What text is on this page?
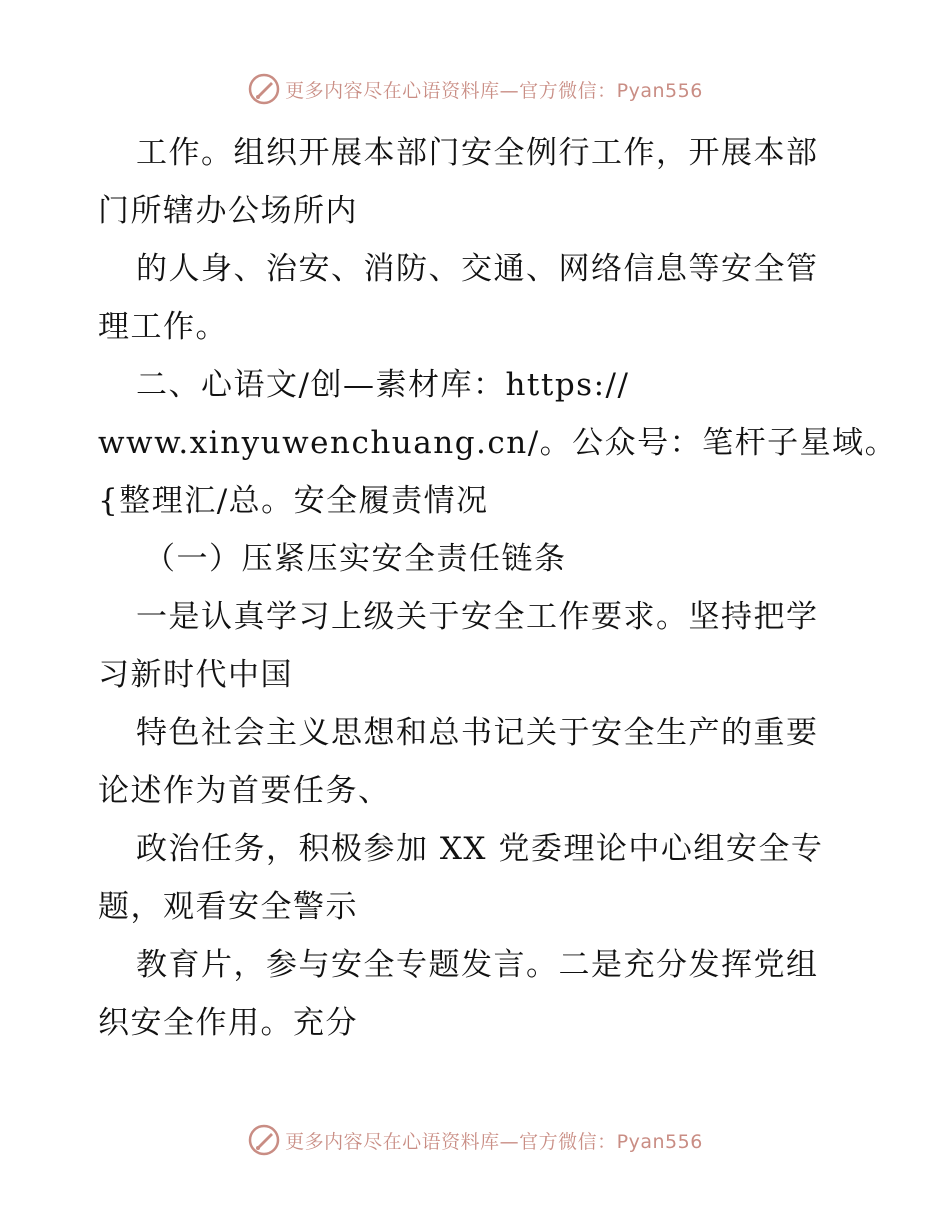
更多内容尽在心语资料库—官方微信：Pyan556
工作。组织开展本部门安全例行工作，开展本部
门所辖办公场所内
的人身、治安、消防、交通、网络信息等安全管
理工作。
二、心语文/创—素材库：https://
www.xinyuwenchuang.cn/。公众号：笔杆子星域。
{整理汇/总。安全履责情况
（一）压紧压实安全责任链条
一是认真学习上级关于安全工作要求。坚持把学
习新时代中国
特色社会主义思想和总书记关于安全生产的重要
论述作为首要任务、
政治任务，积极参加 XX 党委理论中心组安全专
题，观看安全警示
教育片，参与安全专题发言。二是充分发挥党组
织安全作用。充分
更多内容尽在心语资料库—官方微信：Pyan556
